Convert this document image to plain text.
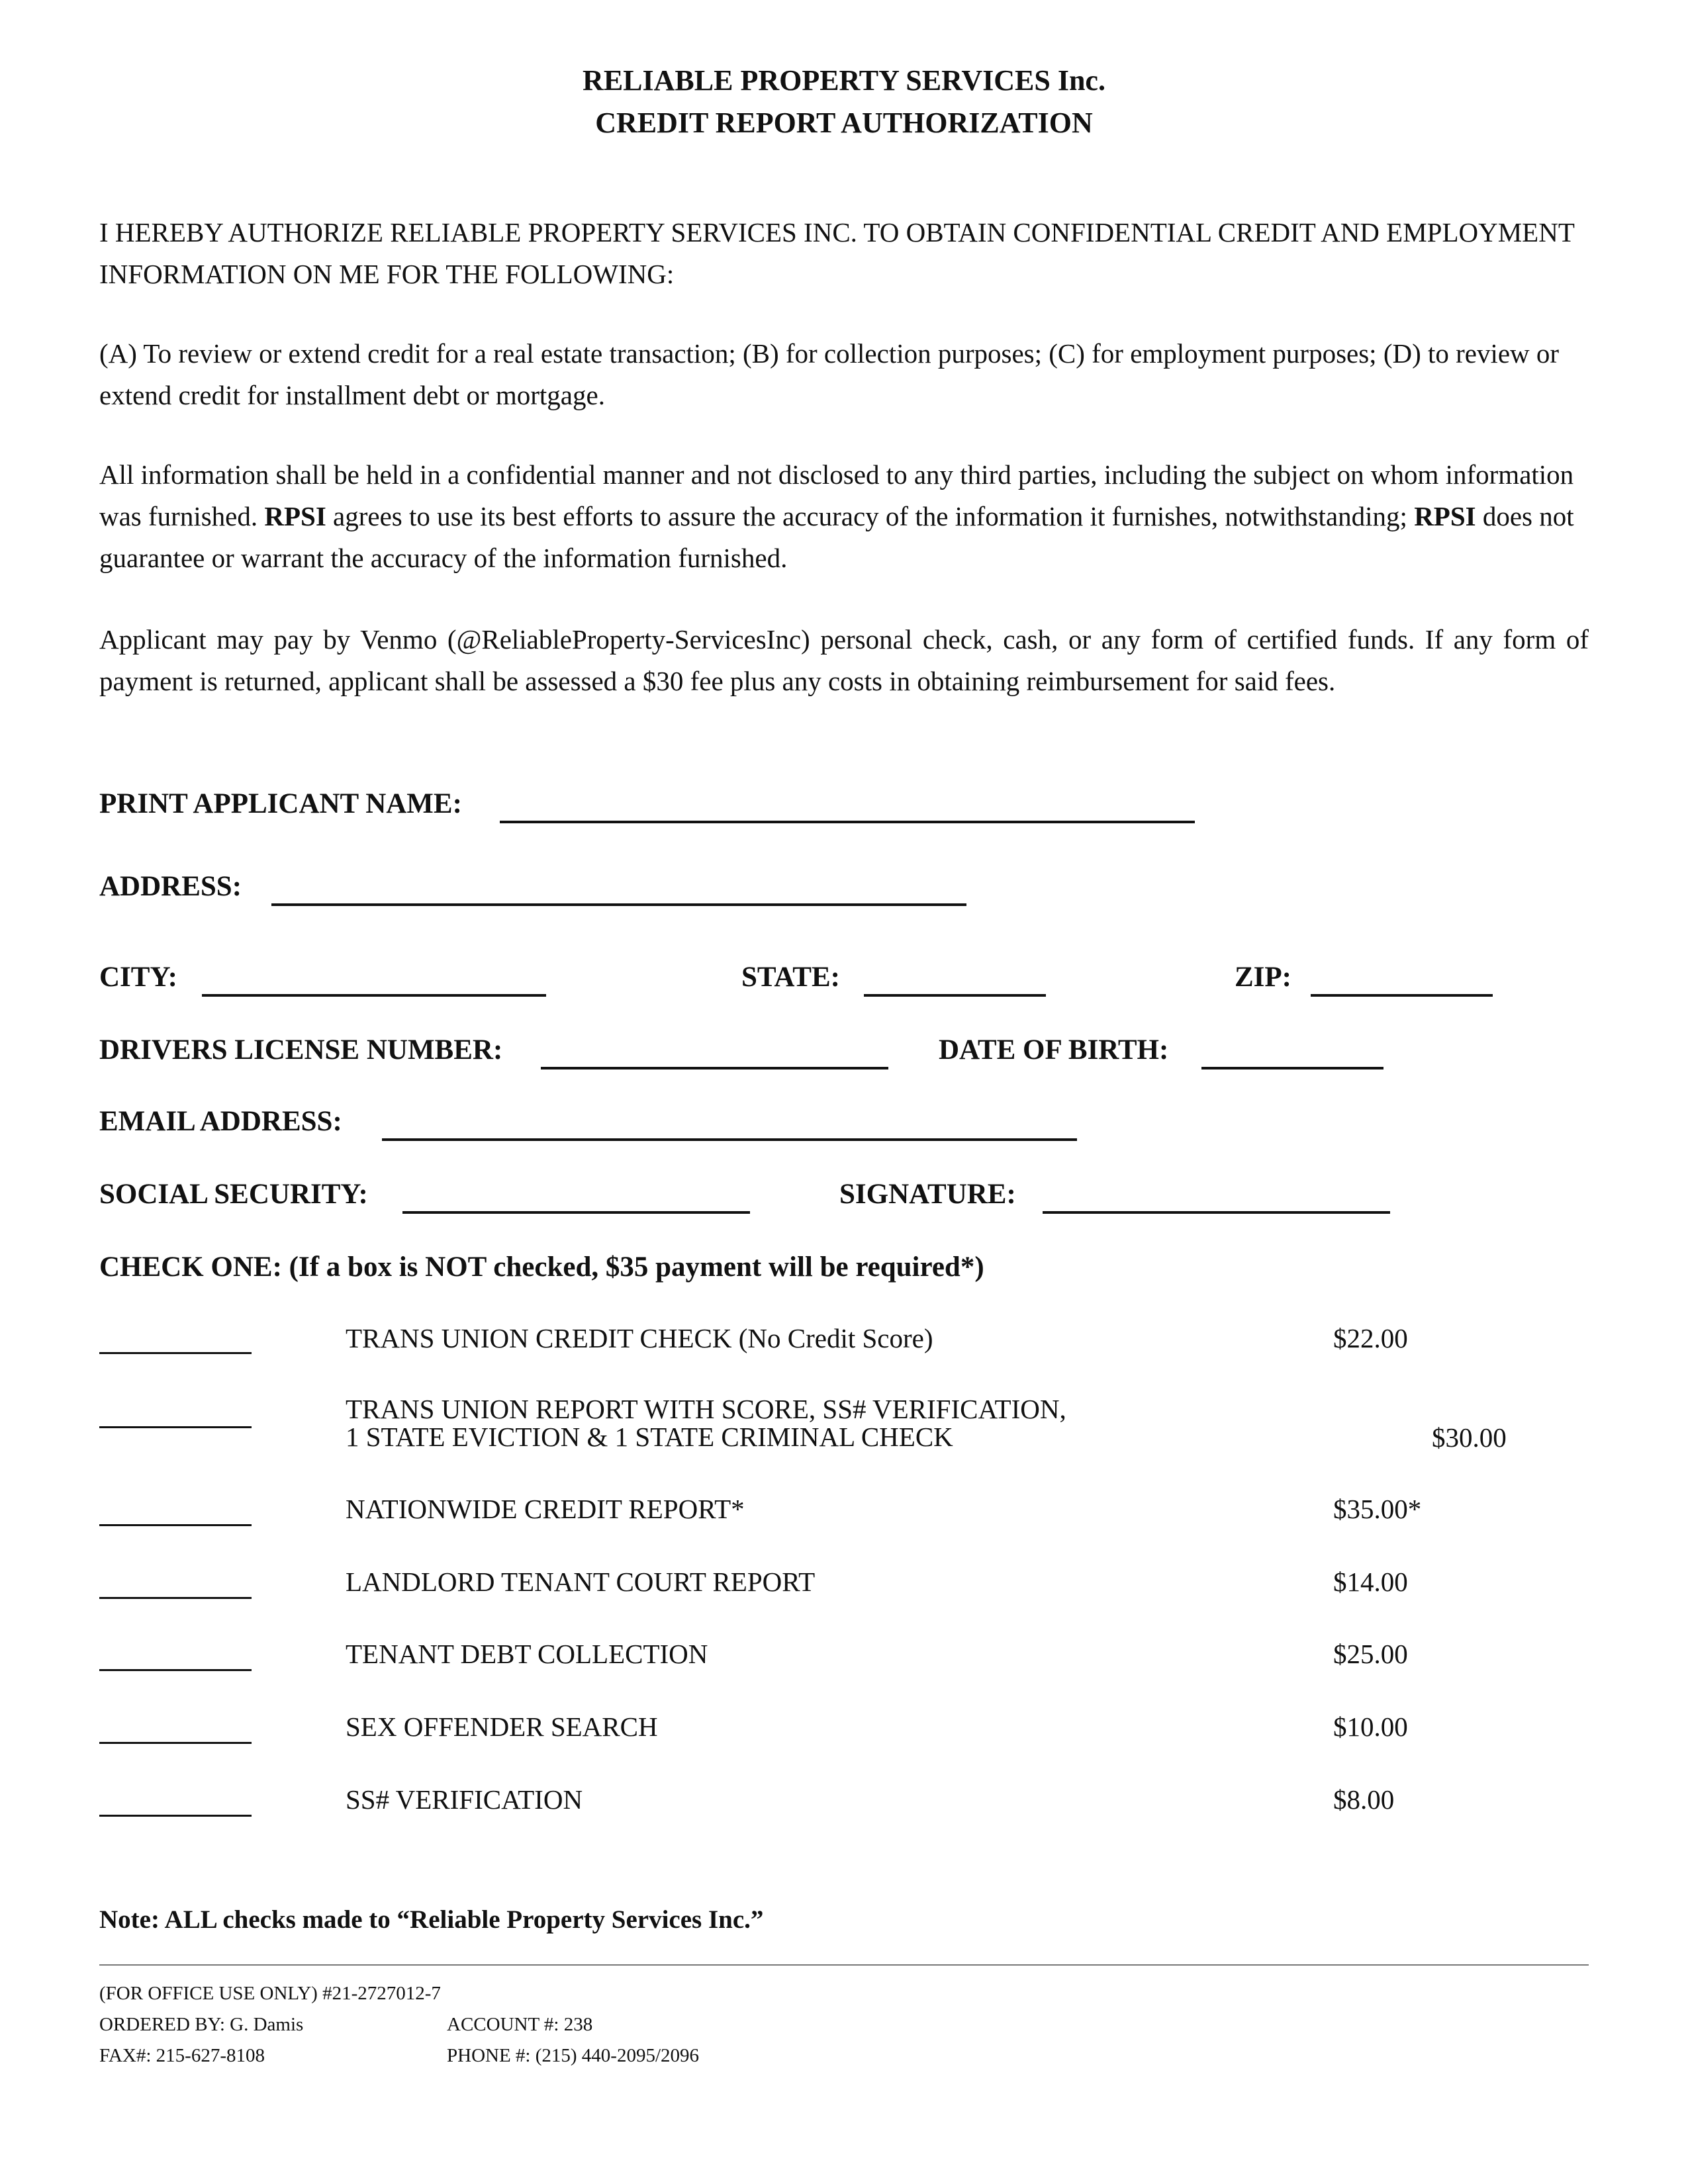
RELIABLE PROPERTY SERVICES Inc.
CREDIT REPORT AUTHORIZATION
I HEREBY AUTHORIZE RELIABLE PROPERTY SERVICES INC. TO OBTAIN CONFIDENTIAL CREDIT AND EMPLOYMENT INFORMATION ON ME FOR THE FOLLOWING:
(A) To review or extend credit for a real estate transaction; (B) for collection purposes; (C) for employment purposes; (D) to review or extend credit for installment debt or mortgage.
All information shall be held in a confidential manner and not disclosed to any third parties, including the subject on whom information was furnished. RPSI agrees to use its best efforts to assure the accuracy of the information it furnishes, notwithstanding; RPSI does not guarantee or warrant the accuracy of the information furnished.
Applicant may pay by Venmo (@ReliableProperty-ServicesInc) personal check, cash, or any form of certified funds. If any form of payment is returned, applicant shall be assessed a $30 fee plus any costs in obtaining reimbursement for said fees.
PRINT APPLICANT NAME:
ADDRESS:
CITY:	STATE:	ZIP:
DRIVERS LICENSE NUMBER:	DATE OF BIRTH:
EMAIL ADDRESS:
SOCIAL SECURITY:	SIGNATURE:
CHECK ONE: (If a box is NOT checked, $35 payment will be required*)
TRANS UNION CREDIT CHECK (No Credit Score)	$22.00
TRANS UNION REPORT WITH SCORE, SS# VERIFICATION,
1 STATE EVICTION & 1 STATE CRIMINAL CHECK	$30.00
NATIONWIDE CREDIT REPORT*	$35.00*
LANDLORD TENANT COURT REPORT	$14.00
TENANT DEBT COLLECTION	$25.00
SEX OFFENDER SEARCH	$10.00
SS# VERIFICATION	$8.00
Note: ALL checks made to “Reliable Property Services Inc.”
(FOR OFFICE USE ONLY) #21-2727012-7
ORDERED BY: G. Damis	ACCOUNT #: 238
FAX#: 215-627-8108	PHONE #: (215) 440-2095/2096
